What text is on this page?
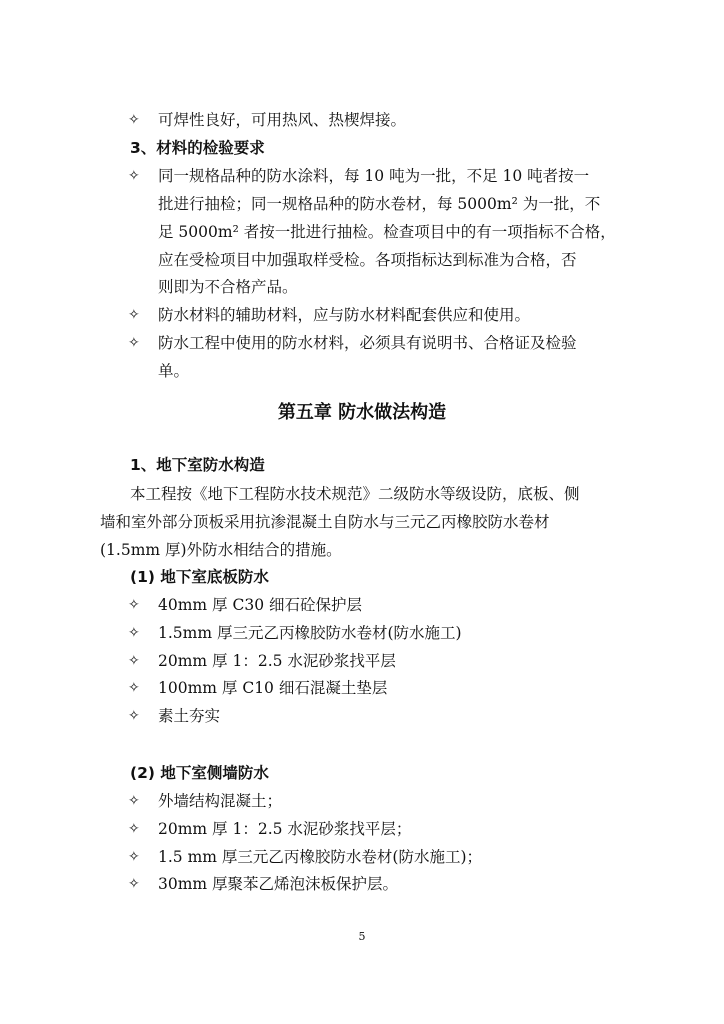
✧ 可焊性良好，可用热风、热楔焊接。
3、材料的检验要求
✧ 同一规格品种的防水涂料，每 10 吨为一批，不足 10 吨者按一
批进行抽检；同一规格品种的防水卷材，每 5000m² 为一批，不
足 5000m² 者按一批进行抽检。检查项目中的有一项指标不合格，
应在受检项目中加强取样受检。各项指标达到标准为合格，否
则即为不合格产品。
✧ 防水材料的辅助材料，应与防水材料配套供应和使用。
✧ 防水工程中使用的防水材料，必须具有说明书、合格证及检验
单。
第五章 防水做法构造
1、地下室防水构造
本工程按《地下工程防水技术规范》二级防水等级设防，底板、侧
墙和室外部分顶板采用抗渗混凝土自防水与三元乙丙橡胶防水卷材
(1.5mm 厚)外防水相结合的措施。
(1) 地下室底板防水
✧ 40mm 厚 C30 细石砼保护层
✧ 1.5mm 厚三元乙丙橡胶防水卷材(防水施工)
✧ 20mm 厚 1：2.5 水泥砂浆找平层
✧ 100mm 厚 C10 细石混凝土垫层
✧ 素土夯实
(2) 地下室侧墙防水
✧ 外墙结构混凝土；
✧ 20mm 厚 1：2.5 水泥砂浆找平层；
✧ 1.5 mm 厚三元乙丙橡胶防水卷材(防水施工)；
✧ 30mm 厚聚苯乙烯泡沫板保护层。
5
